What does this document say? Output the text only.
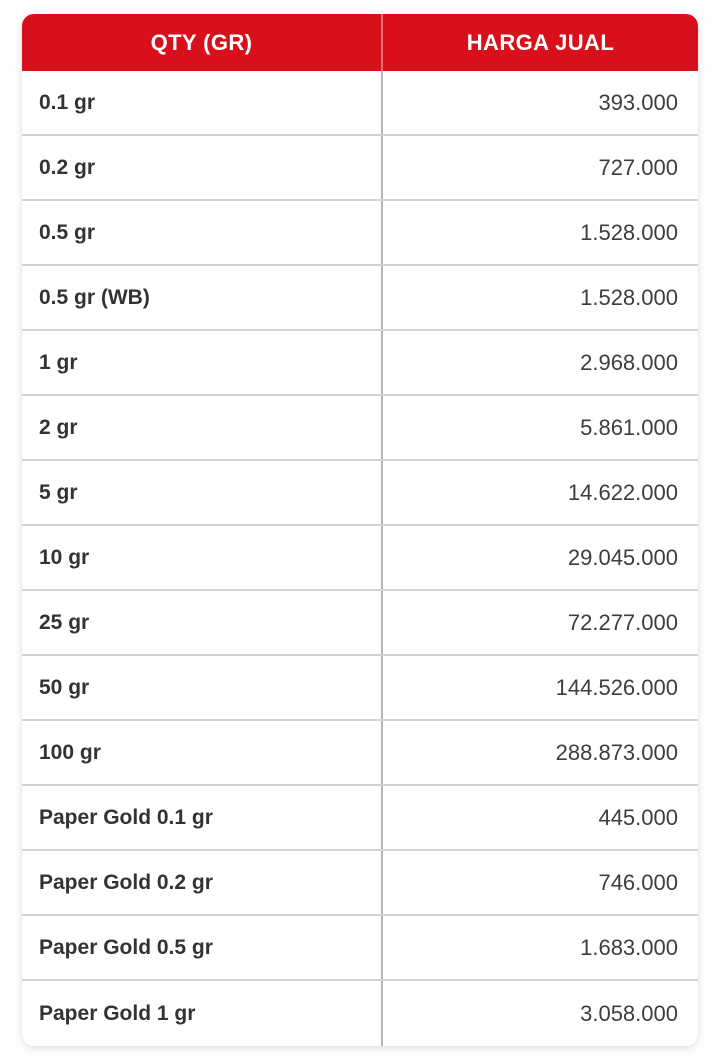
QTY (GR)	HARGA JUAL
0.1 gr	393.000
0.2 gr	727.000
0.5 gr	1.528.000
0.5 gr (WB)	1.528.000
1 gr	2.968.000
2 gr	5.861.000
5 gr	14.622.000
10 gr	29.045.000
25 gr	72.277.000
50 gr	144.526.000
100 gr	288.873.000
Paper Gold 0.1 gr	445.000
Paper Gold 0.2 gr	746.000
Paper Gold 0.5 gr	1.683.000
Paper Gold 1 gr	3.058.000
